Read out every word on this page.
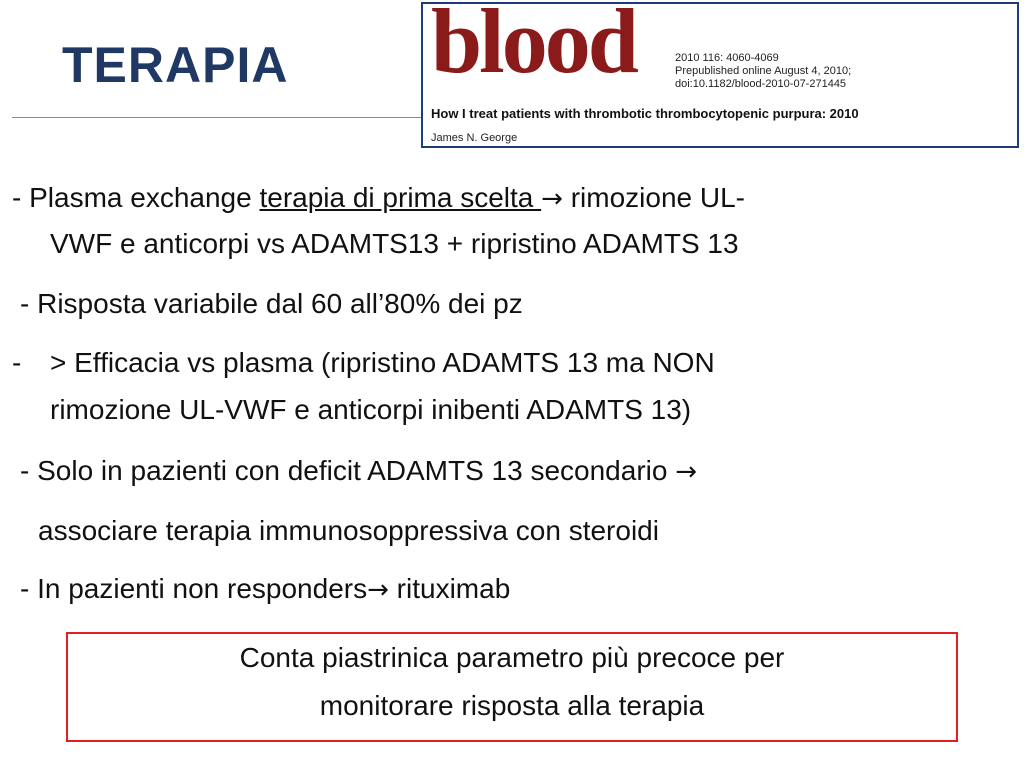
TERAPIA blood	2010 116: 4060-4069
Prepublished online August 4, 2010;
doi:10.1182/blood-2010-07-271445
How I treat patients with thrombotic thrombocytopenic purpura: 2010
James N. George
- Plasma exchange terapia di prima scelta → rimozione UL-
VWF e anticorpi vs ADAMTS13 + ripristino ADAMTS 13
- Risposta variabile dal 60 all’80% dei pz
- > Efficacia vs plasma (ripristino ADAMTS 13 ma NON
rimozione UL-VWF e anticorpi inibenti ADAMTS 13)
- Solo in pazienti con deficit ADAMTS 13 secondario →
associare terapia immunosoppressiva con steroidi
- In pazienti non responders→ rituximab
Conta piastrinica parametro più precoce per
monitorare risposta alla terapia
